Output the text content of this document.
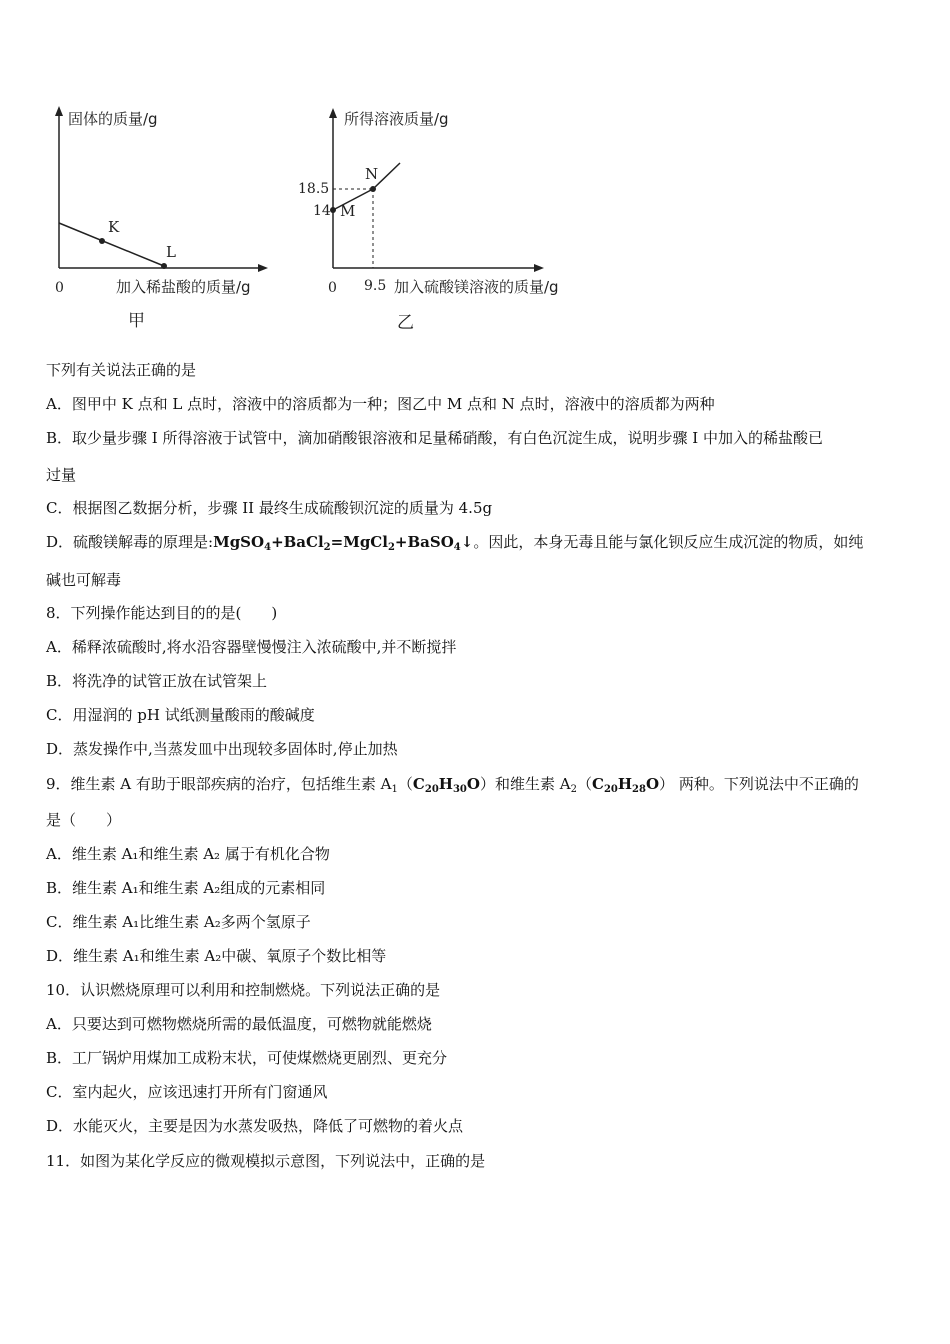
固体的质量/g
加入稀盐酸的质量/g
0
K
L
甲
所得溶液质量/g
加入硫酸镁溶液的质量/g
0 9.5
18.5
14 M
N
乙
下列有关说法正确的是
A．图甲中 K 点和 L 点时，溶液中的溶质都为一种；图乙中 M 点和 N 点时，溶液中的溶质都为两种
B．取少量步骤 I 所得溶液于试管中，滴加硝酸银溶液和足量稀硝酸，有白色沉淀生成，说明步骤 I 中加入的稀盐酸已
过量
C．根据图乙数据分析，步骤 II 最终生成硫酸钡沉淀的质量为 4.5g
D．硫酸镁解毒的原理是:MgSO$_4$+BaCl$_2$=MgCl$_2$+BaSO$_4$↓。因此，本身无毒且能与氯化钡反应生成沉淀的物质，如纯
碱也可解毒
8．下列操作能达到目的的是(　　)
A．稀释浓硫酸时,将水沿容器壁慢慢注入浓硫酸中,并不断搅拌
B．将洗净的试管正放在试管架上
C．用湿润的 pH 试纸测量酸雨的酸碱度
D．蒸发操作中,当蒸发皿中出现较多固体时,停止加热
9．维生素 A 有助于眼部疾病的治疗，包括维生素 $A_1(C_{20}H_{30}O)$和维生素 $A_2(C_{20}H_{28}O)$ 两种。下列说法中不正确的
是（　　）
A．维生素 A₁和维生素 A₂ 属于有机化合物
B．维生素 A₁和维生素 A₂组成的元素相同
C．维生素 A₁比维生素 A₂多两个氢原子
D．维生素 A₁和维生素 A₂中碳、氧原子个数比相等
10．认识燃烧原理可以利用和控制燃烧。下列说法正确的是
A．只要达到可燃物燃烧所需的最低温度，可燃物就能燃烧
B．工厂锅炉用煤加工成粉末状，可使煤燃烧更剧烈、更充分
C．室内起火，应该迅速打开所有门窗通风
D．水能灭火，主要是因为水蒸发吸热，降低了可燃物的着火点
11．如图为某化学反应的微观模拟示意图，下列说法中，正确的是
